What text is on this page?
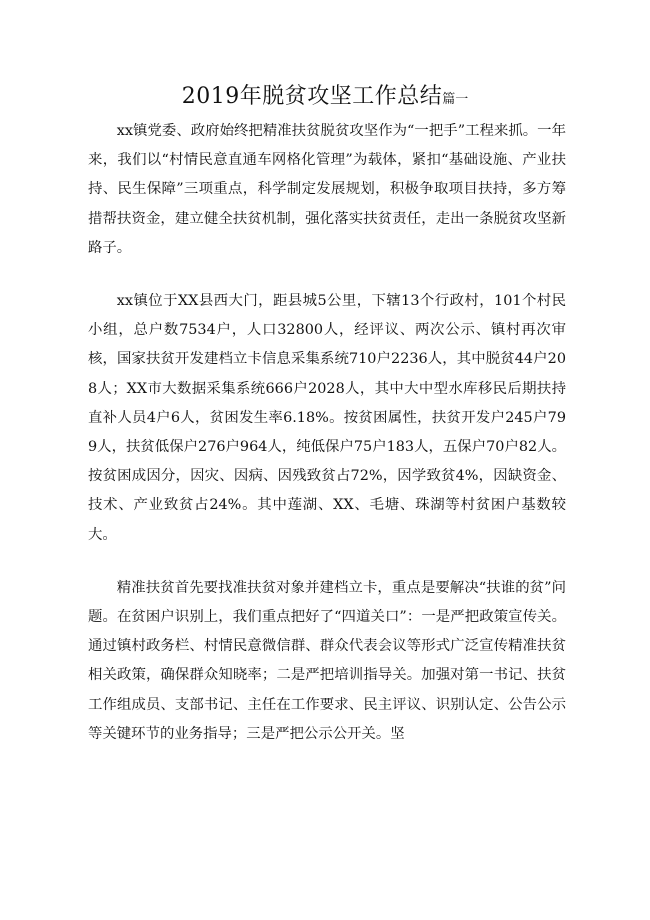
2019年脱贫攻坚工作总结篇一

xx镇党委、政府始终把精准扶贫脱贫攻坚作为“一把手”工程来抓。一年来，我们以“村情民意直通车网格化管理”为载体，紧扣“基础设施、产业扶持、民生保障”三项重点，科学制定发展规划，积极争取项目扶持，多方筹措帮扶资金，建立健全扶贫机制，强化落实扶贫责任，走出一条脱贫攻坚新路子。

xx镇位于XX县西大门，距县城5公里，下辖13个行政村，101个村民小组，总户数7534户，人口32800人，经评议、两次公示、镇村再次审核，国家扶贫开发建档立卡信息采集系统710户2236人，其中脱贫44户208人；XX市大数据采集系统666户2028人，其中大中型水库移民后期扶持直补人员4户6人，贫困发生率6.18%。按贫困属性，扶贫开发户245户799人，扶贫低保户276户964人，纯低保户75户183人，五保户70户82人。按贫困成因分，因灾、因病、因残致贫占72%，因学致贫4%，因缺资金、技术、产业致贫占24%。其中莲湖、XX、毛塘、珠湖等村贫困户基数较大。

精准扶贫首先要找准扶贫对象并建档立卡，重点是要解决“扶谁的贫”问题。在贫困户识别上，我们重点把好了“四道关口”：一是严把政策宣传关。通过镇村政务栏、村情民意微信群、群众代表会议等形式广泛宣传精准扶贫相关政策，确保群众知晓率；二是严把培训指导关。加强对第一书记、扶贫工作组成员、支部书记、主任在工作要求、民主评议、识别认定、公告公示等关键环节的业务指导；三是严把公示公开关。坚
